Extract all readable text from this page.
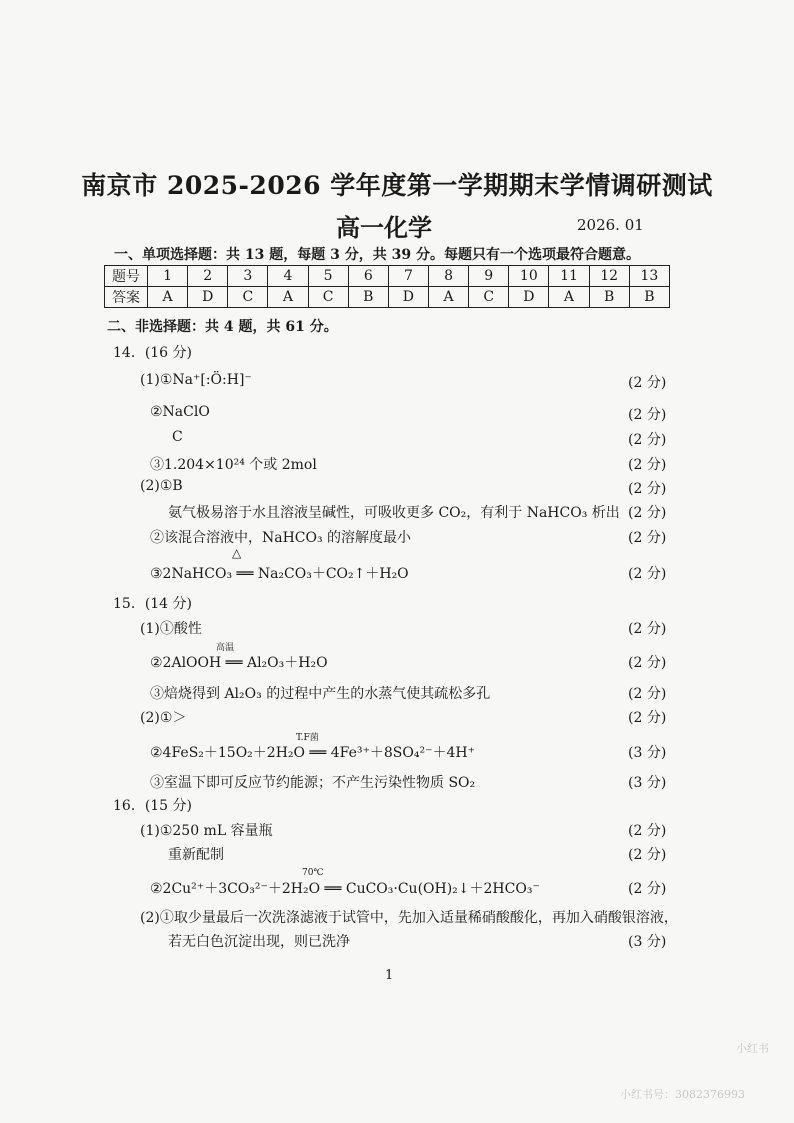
南京市 2025-2026 学年度第一学期期末学情调研测试
高一化学	2026. 01
一、单项选择题：共 13 题，每题 3 分，共 39 分。每题只有一个选项最符合题意。
题号	1	2	3	4	5	6	7	8	9	10	11	12	13
答案	A	D	C	A	C	B	D	A	C	D	A	B	B
二、非选择题：共 4 题，共 61 分。
14．(16 分)
(1)①Na⁺[:Ö:H]⁻	(2 分)
②NaClO	(2 分)
C	(2 分)
③1.204×10²⁴ 个或 2mol	(2 分)
(2)①B	(2 分)
氨气极易溶于水且溶液呈碱性，可吸收更多 CO₂，有利于 NaHCO₃ 析出 (2 分)
②该混合溶液中，NaHCO₃ 的溶解度最小	(2 分)
③2NaHCO₃ ══ Na₂CO₃＋CO₂↑＋H₂O	(2 分)
△
15．(14 分)
(1)①酸性	(2 分)
②2AlOOH ══ Al₂O₃＋H₂O	(2 分)
高温
③焙烧得到 Al₂O₃ 的过程中产生的水蒸气使其疏松多孔	(2 分)
(2)①＞	(2 分)
②4FeS₂＋15O₂＋2H₂O ══ 4Fe³⁺＋8SO₄²⁻＋4H⁺	(3 分)
T.F菌
③室温下即可反应节约能源；不产生污染性物质 SO₂	(3 分)
16．(15 分)
(1)①250 mL 容量瓶	(2 分)
重新配制	(2 分)
②2Cu²⁺＋3CO₃²⁻＋2H₂O ══ CuCO₃·Cu(OH)₂↓＋2HCO₃⁻	(2 分)
70℃
(2)①取少量最后一次洗涤滤液于试管中，先加入适量稀硝酸酸化，再加入硝酸银溶液，
若无白色沉淀出现，则已洗净	(3 分)
1
小红书
小红书号：3082376993
